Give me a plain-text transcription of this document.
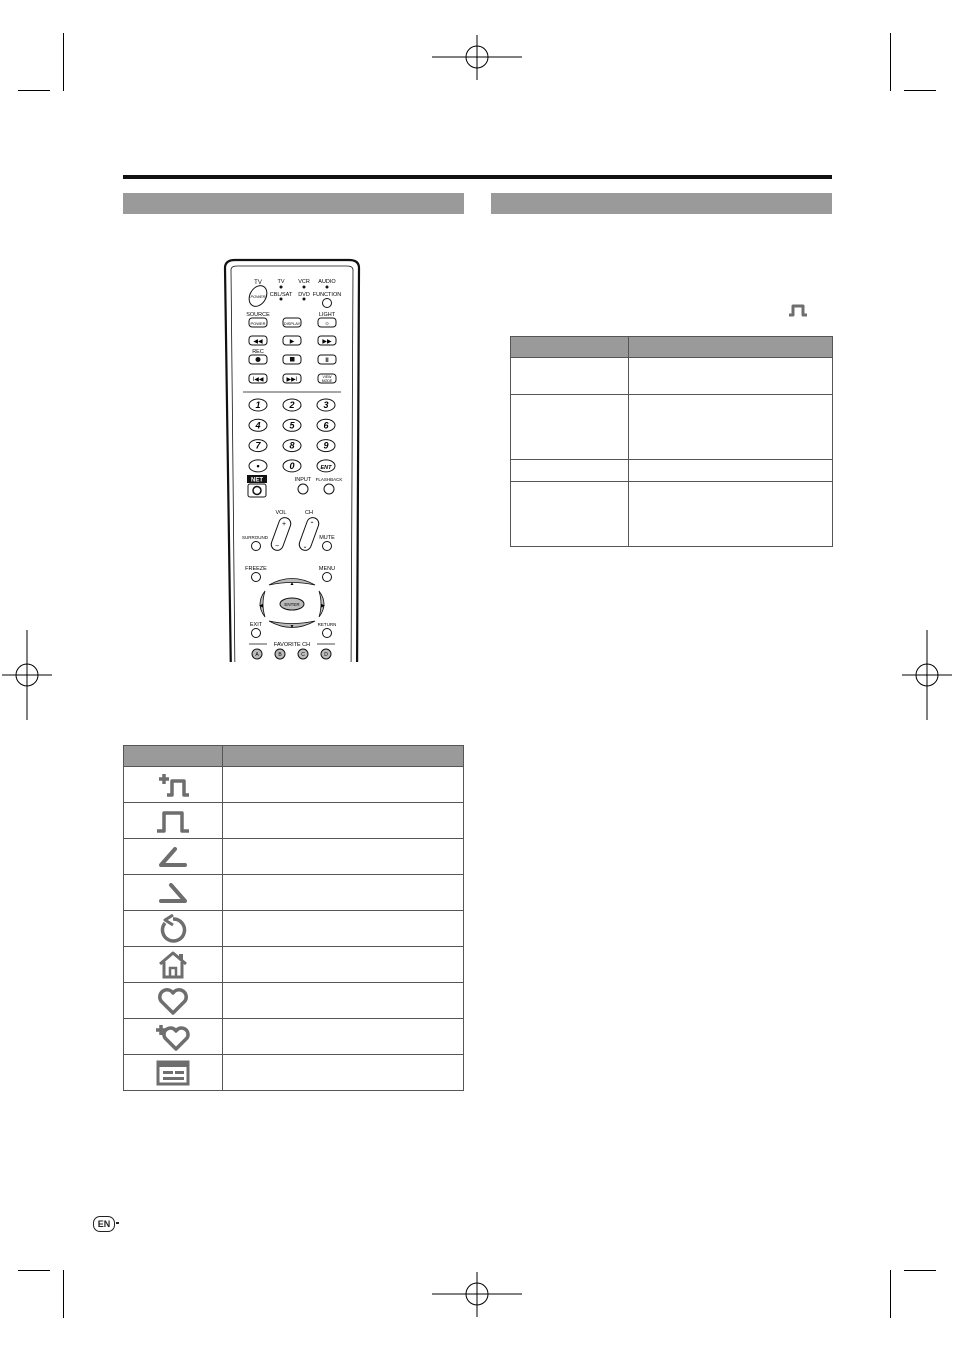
TV	TV VCR AUDIO
CBL/SAT DVD FUNCTION
POWER
SOURCE
POWER	DISPLAY
LIGHT
☼
◀◀	▶	▶▶
REC
II
I◀◀	▶▶I	VIEW
MODE
1	2	3
4	5	6
7	8	9
•	0	ENT
NET	INPUT FLASHBACK
VOL	CH
+
−
⌃
⌄
SURROUND	MUTE
FREEZE	MENU
▲
▼
◀	▶
ENTER
EXIT	RETURN
FAVORITE CH
A	B	C	D

EN
